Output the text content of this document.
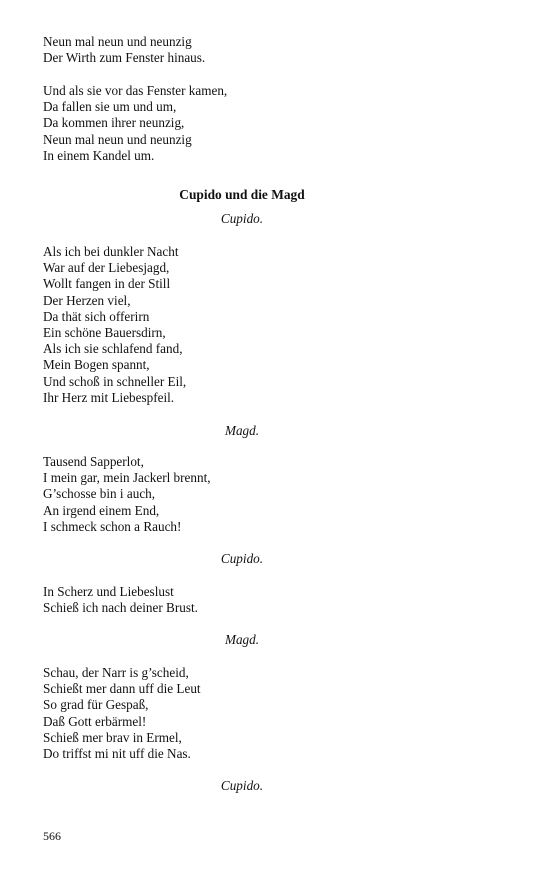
Neun mal neun und neunzig
Der Wirth zum Fenster hinaus.
Und als sie vor das Fenster kamen,
Da fallen sie um und um,
Da kommen ihrer neunzig,
Neun mal neun und neunzig
In einem Kandel um.
Cupido und die Magd
Cupido.
Als ich bei dunkler Nacht
War auf der Liebesjagd,
Wollt fangen in der Still
Der Herzen viel,
Da thät sich offerirn
Ein schöne Bauersdirn,
Als ich sie schlafend fand,
Mein Bogen spannt,
Und schoß in schneller Eil,
Ihr Herz mit Liebespfeil.
Magd.
Tausend Sapperlot,
I mein gar, mein Jackerl brennt,
G’schosse bin i auch,
An irgend einem End,
I schmeck schon a Rauch!
Cupido.
In Scherz und Liebeslust
Schieß ich nach deiner Brust.
Magd.
Schau, der Narr is g’scheid,
Schießt mer dann uff die Leut
So grad für Gespaß,
Daß Gott erbärmel!
Schieß mer brav in Ermel,
Do triffst mi nit uff die Nas.
Cupido.
566
